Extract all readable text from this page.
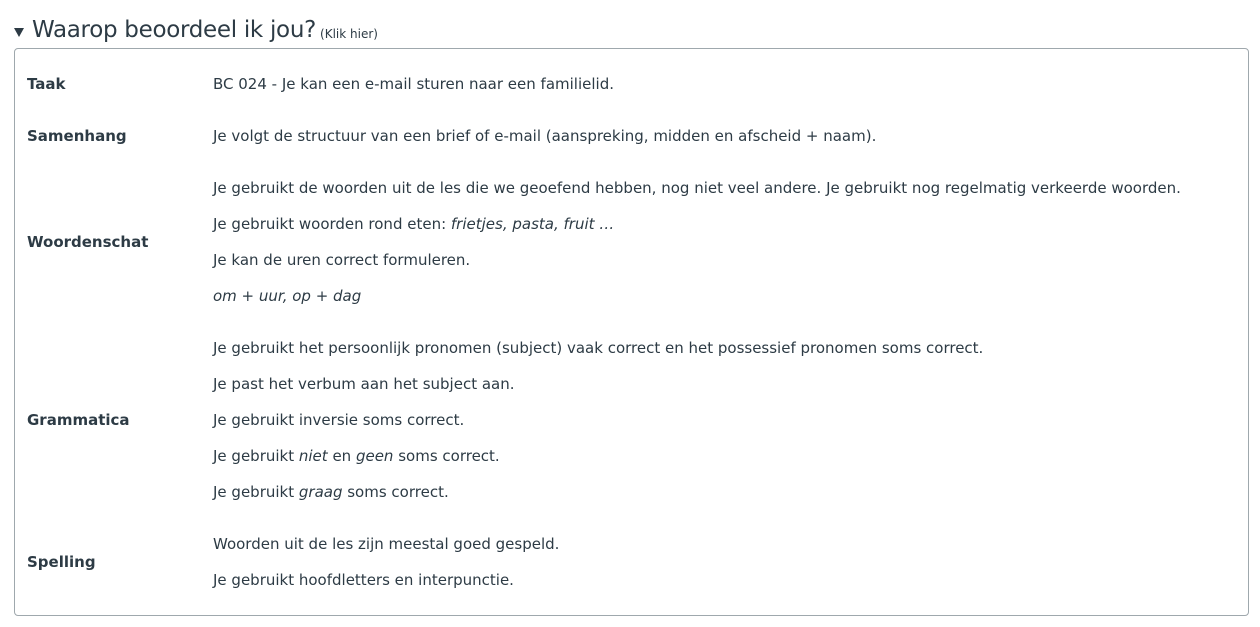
Waarop beoordeel ik jou? (Klik hier)
Taak	BC 024 - Je kan een e-mail sturen naar een familielid.
Samenhang	Je volgt de structuur van een brief of e-mail (aanspreking, midden en afscheid + naam).
Woordenschat
Je gebruikt de woorden uit de les die we geoefend hebben, nog niet veel andere. Je gebruikt nog regelmatig verkeerde woorden.
Je gebruikt woorden rond eten: frietjes, pasta, fruit …
Je kan de uren correct formuleren.
om + uur, op + dag
Grammatica
Je gebruikt het persoonlijk pronomen (subject) vaak correct en het possessief pronomen soms correct.
Je past het verbum aan het subject aan.
Je gebruikt inversie soms correct.
Je gebruikt niet en geen soms correct.
Je gebruikt graag soms correct.
Spelling
Woorden uit de les zijn meestal goed gespeld.
Je gebruikt hoofdletters en interpunctie.
